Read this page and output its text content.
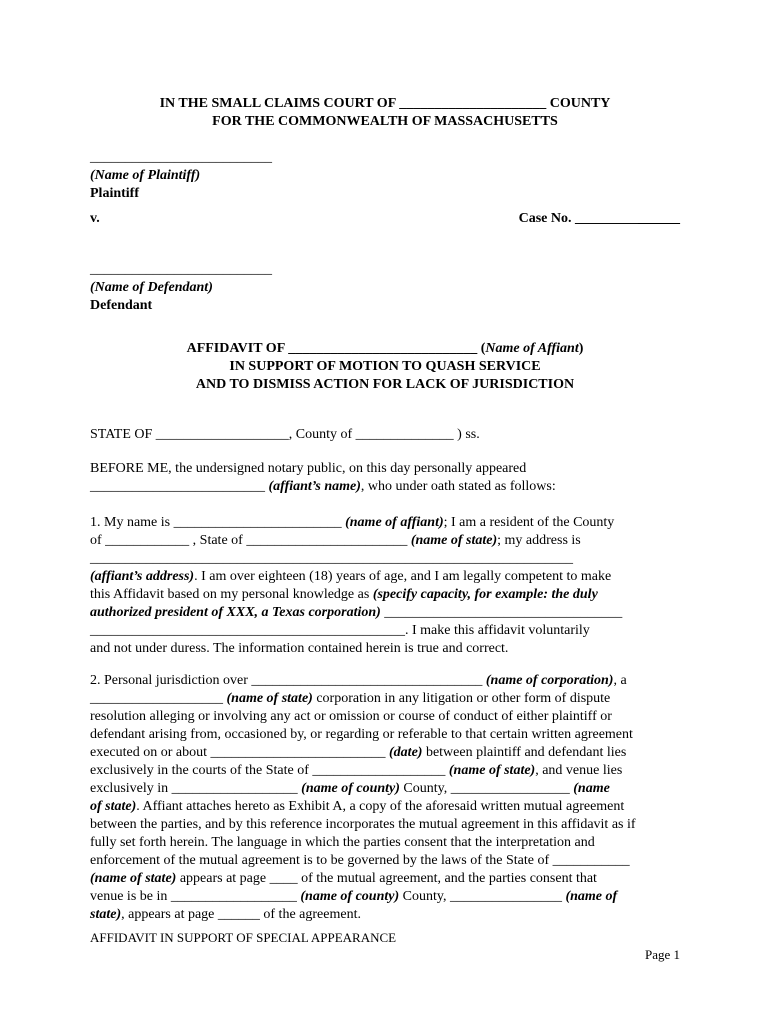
IN THE SMALL CLAIMS COURT OF _____________________ COUNTY
FOR THE COMMONWEALTH OF MASSACHUSETTS
__________________________
(Name of Plaintiff)
Plaintiff
v.	Case No. _______________
__________________________
(Name of Defendant)
Defendant
AFFIDAVIT OF ___________________________ (Name of Affiant)
IN SUPPORT OF MOTION TO QUASH SERVICE
AND TO DISMISS ACTION FOR LACK OF JURISDICTION
STATE OF ___________________, County of ______________ ) ss.
BEFORE ME, the undersigned notary public, on this day personally appeared
_________________________ (affiant’s name), who under oath stated as follows:
1. My name is ________________________ (name of affiant); I am a resident of the County
of ____________ , State of _______________________ (name of state); my address is
_____________________________________________________________________
(affiant’s address). I am over eighteen (18) years of age, and I am legally competent to make
this Affidavit based on my personal knowledge as (specify capacity, for example: the duly
authorized president of XXX, a Texas corporation) __________________________________
_____________________________________________. I make this affidavit voluntarily
and not under duress. The information contained herein is true and correct.
2. Personal jurisdiction over _________________________________ (name of corporation), a
___________________ (name of state) corporation in any litigation or other form of dispute
resolution alleging or involving any act or omission or course of conduct of either plaintiff or
defendant arising from, occasioned by, or regarding or referable to that certain written agreement
executed on or about _________________________ (date) between plaintiff and defendant lies
exclusively in the courts of the State of ___________________ (name of state), and venue lies
exclusively in __________________ (name of county) County, _________________ (name
of state). Affiant attaches hereto as Exhibit A, a copy of the aforesaid written mutual agreement
between the parties, and by this reference incorporates the mutual agreement in this affidavit as if
fully set forth herein. The language in which the parties consent that the interpretation and
enforcement of the mutual agreement is to be governed by the laws of the State of ___________
(name of state) appears at page ____ of the mutual agreement, and the parties consent that
venue is be in __________________ (name of county) County, ________________ (name of
state), appears at page ______ of the agreement.
AFFIDAVIT IN SUPPORT OF SPECIAL APPEARANCE
Page 1
